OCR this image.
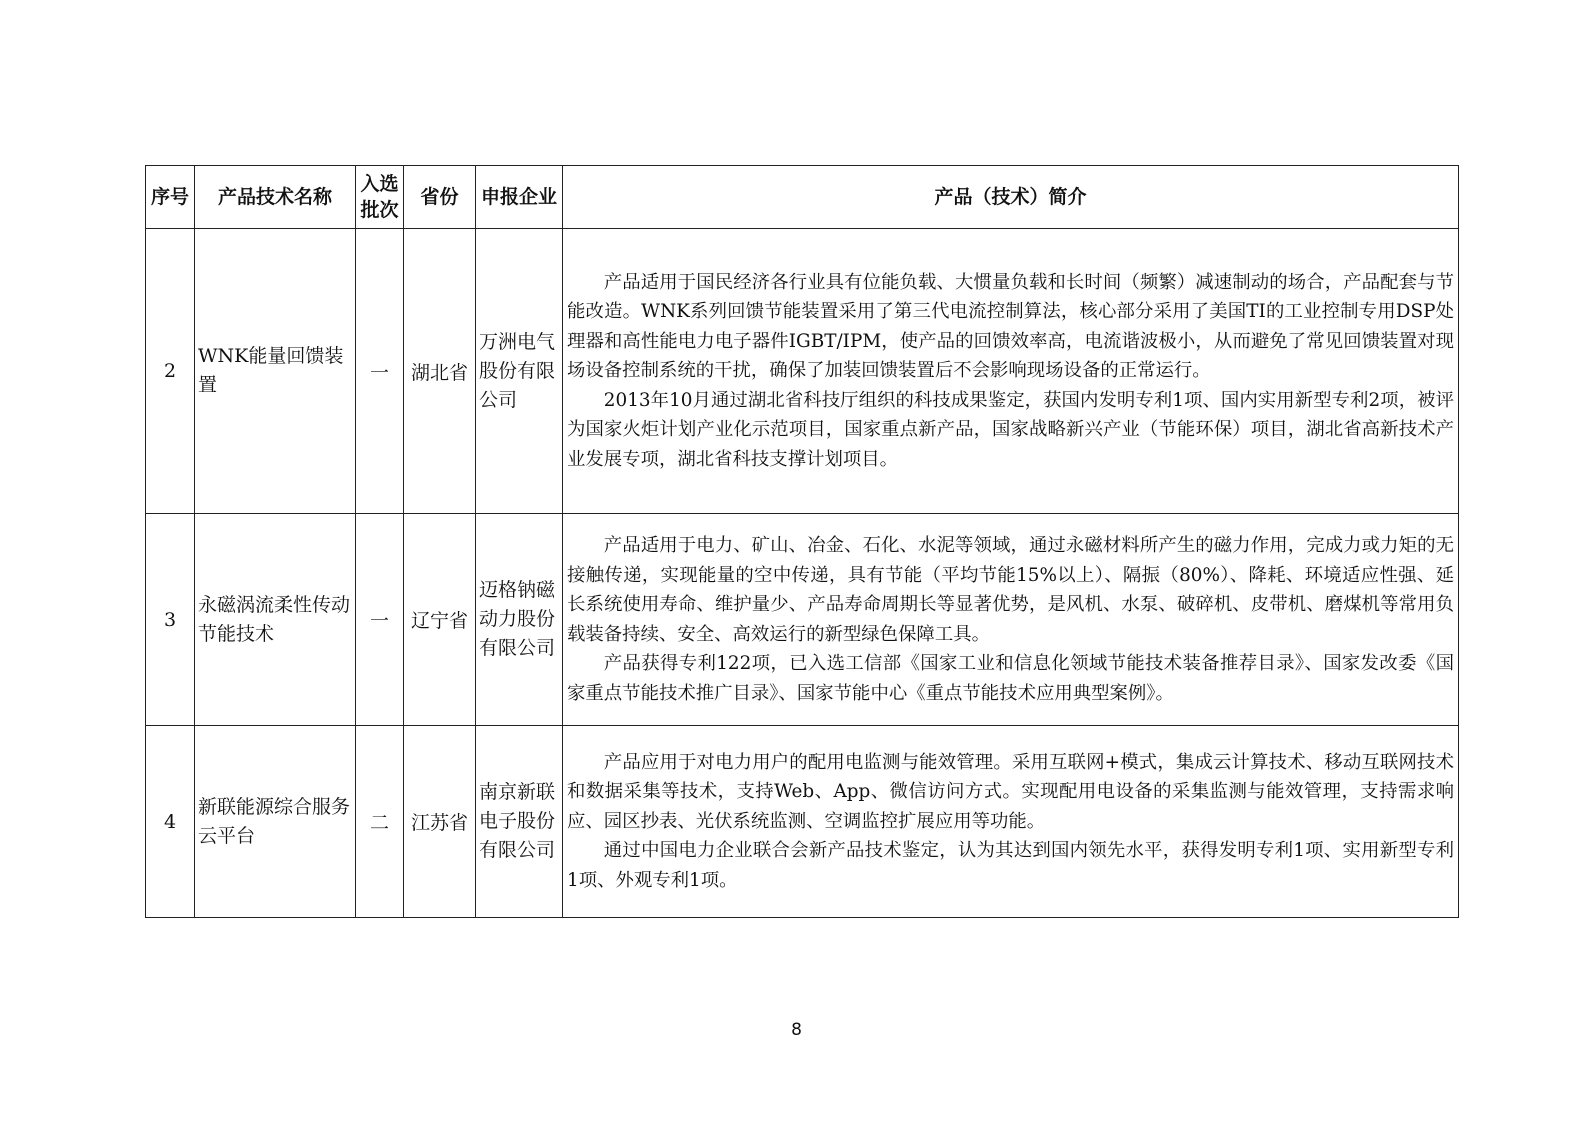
序号	产品技术名称	入选批次	省份	申报企业	产品（技术）简介
2	WNK能量回馈装置	一	湖北省	万洲电气股份有限公司	产品适用于国民经济各行业具有位能负载、大惯量负载和长时间（频繁）减速制动的场合，产品配套与节能改造。WNK系列回馈节能装置采用了第三代电流控制算法，核心部分采用了美国TI的工业控制专用DSP处理器和高性能电力电子器件IGBT/IPM，使产品的回馈效率高，电流谐波极小，从而避免了常见回馈装置对现场设备控制系统的干扰，确保了加装回馈装置后不会影响现场设备的正常运行。

2013年10月通过湖北省科技厅组织的科技成果鉴定，获国内发明专利1项、国内实用新型专利2项，被评为国家火炬计划产业化示范项目，国家重点新产品，国家战略新兴产业（节能环保）项目，湖北省高新技术产业发展专项，湖北省科技支撑计划项目。

3	永磁涡流柔性传动节能技术	一	辽宁省	迈格钠磁动力股份有限公司	产品适用于电力、矿山、冶金、石化、水泥等领域，通过永磁材料所产生的磁力作用，完成力或力矩的无接触传递，实现能量的空中传递，具有节能（平均节能15%以上）、隔振（80%）、降耗、环境适应性强、延长系统使用寿命、维护量少、产品寿命周期长等显著优势，是风机、水泵、破碎机、皮带机、磨煤机等常用负载装备持续、安全、高效运行的新型绿色保障工具。

产品获得专利122项，已入选工信部《国家工业和信息化领域节能技术装备推荐目录》、国家发改委《国家重点节能技术推广目录》、国家节能中心《重点节能技术应用典型案例》。

4	新联能源综合服务云平台	二	江苏省	南京新联电子股份有限公司	产品应用于对电力用户的配用电监测与能效管理。采用互联网+模式，集成云计算技术、移动互联网技术和数据采集等技术，支持Web、App、微信访问方式。实现配用电设备的采集监测与能效管理，支持需求响应、园区抄表、光伏系统监测、空调监控扩展应用等功能。

通过中国电力企业联合会新产品技术鉴定，认为其达到国内领先水平，获得发明专利1项、实用新型专利1项、外观专利1项。

8
